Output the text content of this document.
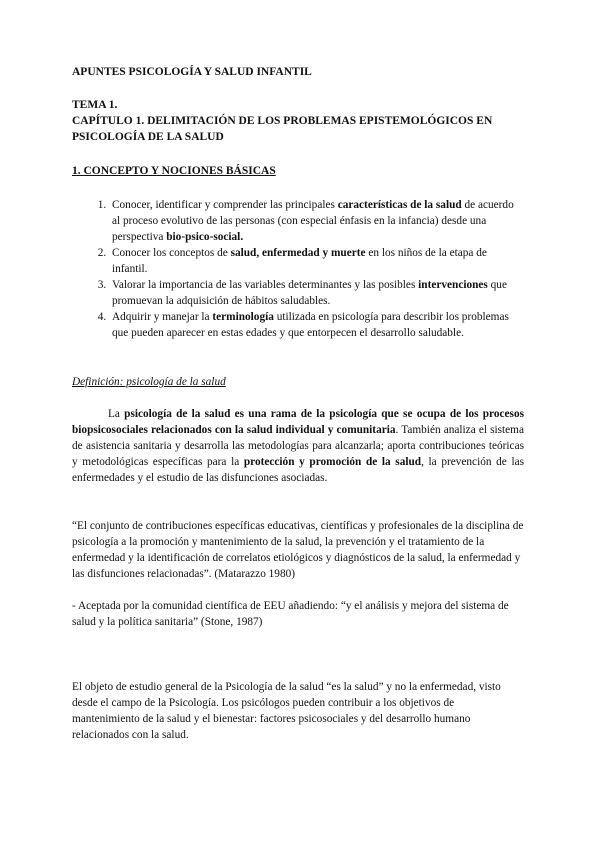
APUNTES PSICOLOGÍA Y SALUD INFANTIL
TEMA 1.
CAPÍTULO 1. DELIMITACIÓN DE LOS PROBLEMAS EPISTEMOLÓGICOS EN PSICOLOGÍA DE LA SALUD
1. CONCEPTO Y NOCIONES BÁSICAS
1. Conocer, identificar y comprender las principales características de la salud de acuerdo al proceso evolutivo de las personas (con especial énfasis en la infancia) desde una perspectiva bio-psico-social.
2. Conocer los conceptos de salud, enfermedad y muerte en los niños de la etapa de infantil.
3. Valorar la importancia de las variables determinantes y las posibles intervenciones que promuevan la adquisición de hábitos saludables.
4. Adquirir y manejar la terminología utilizada en psicología para describir los problemas que pueden aparecer en estas edades y que entorpecen el desarrollo saludable.
Definición: psicología de la salud

La psicología de la salud es una rama de la psicología que se ocupa de los procesos biopsicosociales relacionados con la salud individual y comunitaria. También analiza el sistema de asistencia sanitaria y desarrolla las metodologías para alcanzarla; aporta contribuciones teóricas y metodológicas específicas para la protección y promoción de la salud, la prevención de las enfermedades y el estudio de las disfunciones asociadas.

“El conjunto de contribuciones específicas educativas, científicas y profesionales de la disciplina de psicología a la promoción y mantenimiento de la salud, la prevención y el tratamiento de la enfermedad y la identificación de correlatos etiológicos y diagnósticos de la salud, la enfermedad y las disfunciones relacionadas”. (Matarazzo 1980)

- Aceptada por la comunidad científica de EEU añadiendo: “y el análisis y mejora del sistema de salud y la política sanitaria” (Stone, 1987)

El objeto de estudio general de la Psicología de la salud “es la salud” y no la enfermedad, visto desde el campo de la Psicología. Los psicólogos pueden contribuir a los objetivos de mantenimiento de la salud y el bienestar: factores psicosociales y del desarrollo humano relacionados con la salud.
